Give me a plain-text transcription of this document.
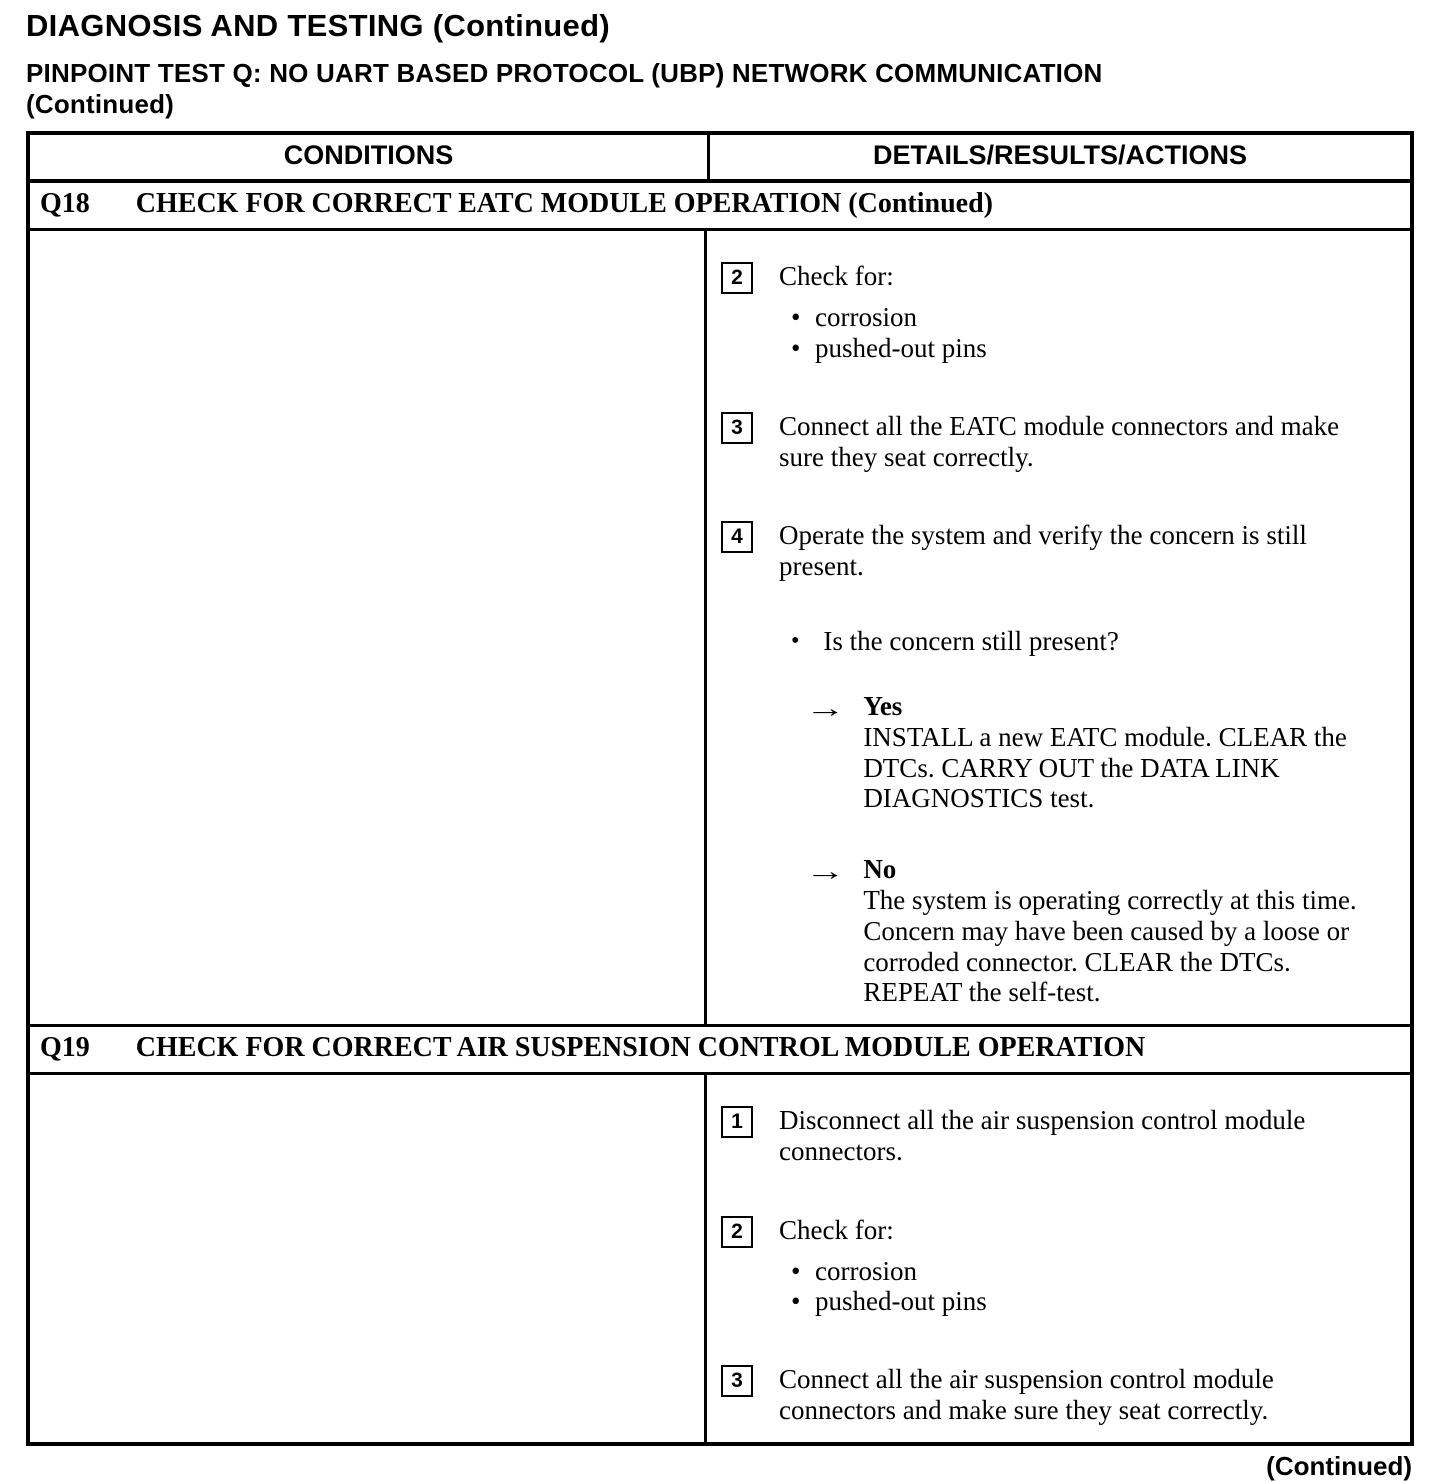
DIAGNOSIS AND TESTING (Continued)
PINPOINT TEST Q: NO UART BASED PROTOCOL (UBP) NETWORK COMMUNICATION
(Continued)
CONDITIONS	DETAILS/RESULTS/ACTIONS
Q18 CHECK FOR CORRECT EATC MODULE OPERATION (Continued)
2	Check for:
• corrosion
• pushed-out pins
3	Connect all the EATC module connectors and make sure they seat correctly.
4	Operate the system and verify the concern is still present.
• Is the concern still present?
→ Yes
INSTALL a new EATC module. CLEAR the DTCs. CARRY OUT the DATA LINK DIAGNOSTICS test.
→ No
The system is operating correctly at this time. Concern may have been caused by a loose or corroded connector. CLEAR the DTCs. REPEAT the self-test.
Q19 CHECK FOR CORRECT AIR SUSPENSION CONTROL MODULE OPERATION
1	Disconnect all the air suspension control module connectors.
2	Check for:
• corrosion
• pushed-out pins
3	Connect all the air suspension control module connectors and make sure they seat correctly.
(Continued)
